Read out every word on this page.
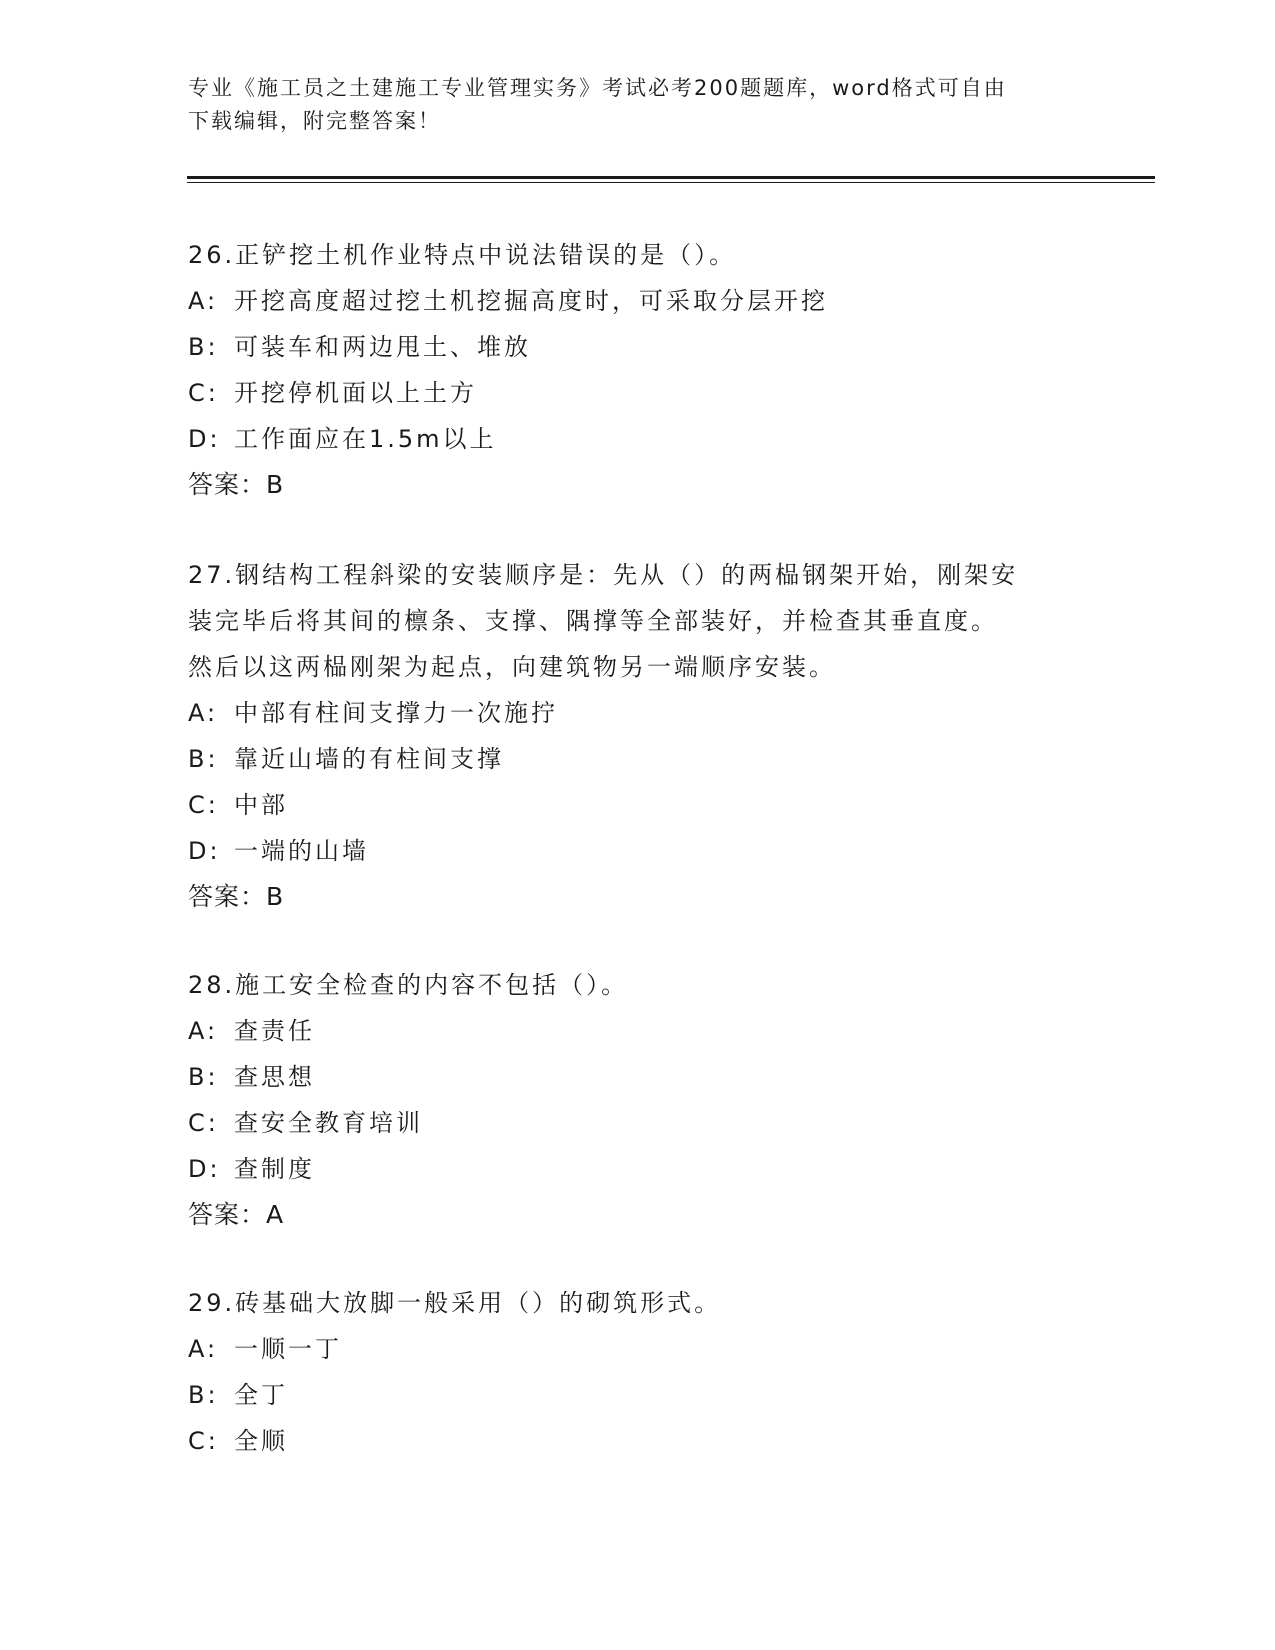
专业《施工员之土建施工专业管理实务》考试必考200题题库，word格式可自由
下载编辑，附完整答案！

26.正铲挖土机作业特点中说法错误的是（）。

A: 开挖高度超过挖土机挖掘高度时，可采取分层开挖

B: 可装车和两边甩土、堆放

C: 开挖停机面以上土方

D: 工作面应在1.5m以上

答案：B

27.钢结构工程斜梁的安装顺序是：先从（）的两榀钢架开始，刚架安

装完毕后将其间的檩条、支撑、隅撑等全部装好，并检查其垂直度。

然后以这两榀刚架为起点，向建筑物另一端顺序安装。

A: 中部有柱间支撑力一次施拧

B: 靠近山墙的有柱间支撑

C: 中部

D: 一端的山墙

答案：B

28.施工安全检查的内容不包括（）。

A: 查责任

B: 查思想

C: 查安全教育培训

D: 查制度

答案：A

29.砖基础大放脚一般采用（）的砌筑形式。

A: 一顺一丁

B: 全丁

C: 全顺
